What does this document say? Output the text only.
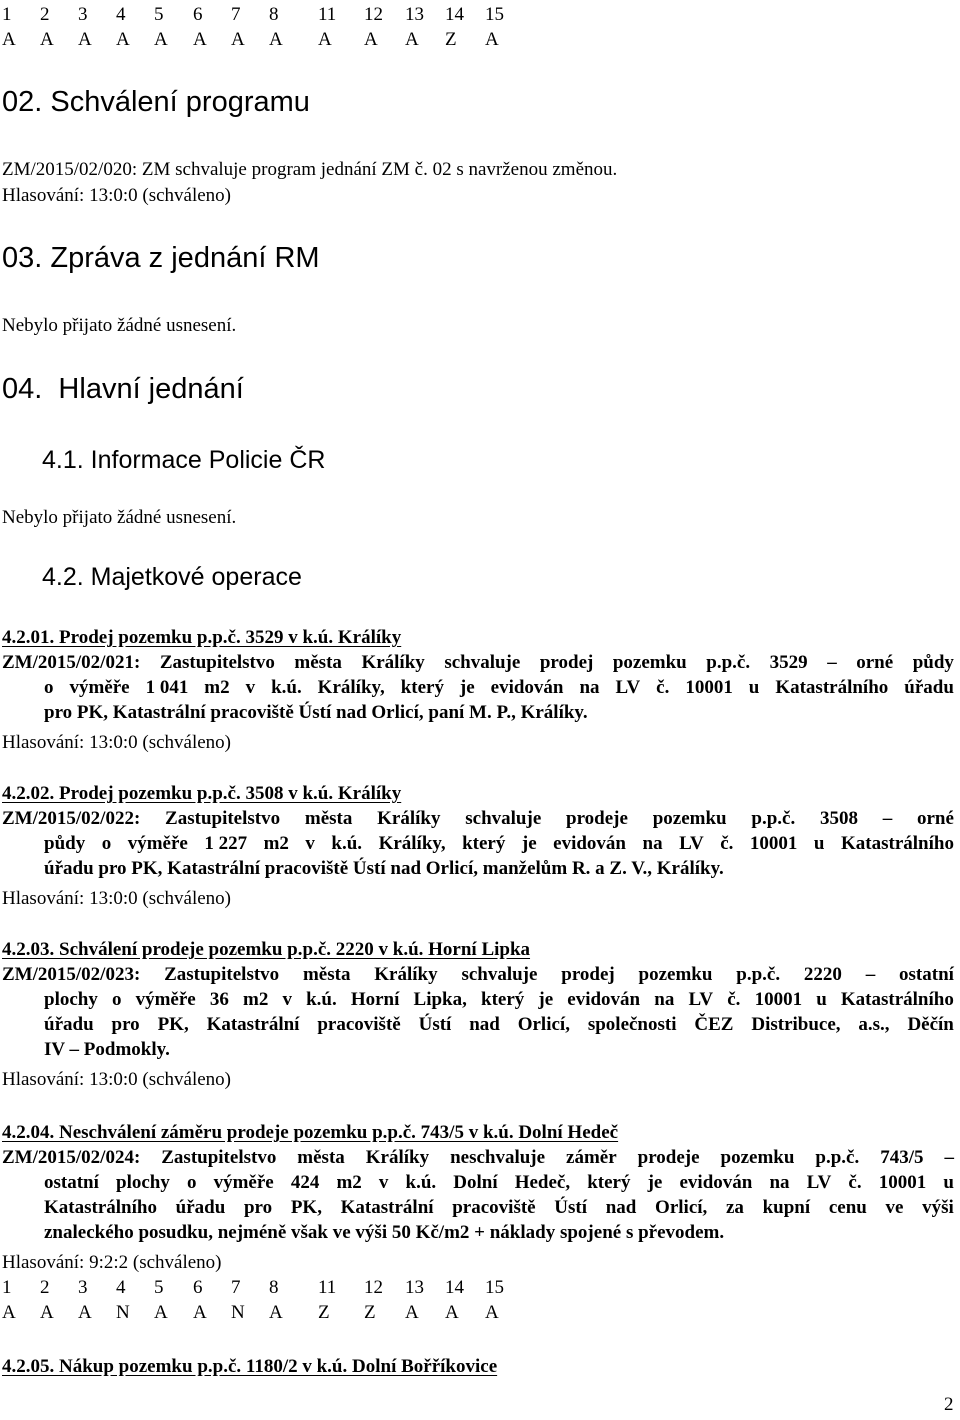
1 2 3 4 5 6 7 8 11 12 13 14 15
A A A A A A A A A A A Z A
02. Schválení programu
ZM/2015/02/020: ZM schvaluje program jednání ZM č. 02 s navrženou změnou.
Hlasování: 13:0:0 (schváleno)
03. Zpráva z jednání RM
Nebylo přijato žádné usnesení.
04.  Hlavní jednání
4.1. Informace Policie ČR
Nebylo přijato žádné usnesení.
4.2. Majetkové operace
4.2.01. Prodej pozemku p.p.č. 3529 v k.ú. Králíky
ZM/2015/02/021: Zastupitelstvo města Králíky schvaluje prodej pozemku p.p.č. 3529 – orné půdy
o výměře 1 041 m2 v k.ú. Králíky, který je evidován na LV č. 10001 u Katastrálního úřadu
pro PK, Katastrální pracoviště Ústí nad Orlicí, paní M. P., Králíky.
Hlasování: 13:0:0 (schváleno)
4.2.02. Prodej pozemku p.p.č. 3508 v k.ú. Králíky
ZM/2015/02/022: Zastupitelstvo města Králíky schvaluje prodeje pozemku p.p.č. 3508 – orné
půdy o výměře 1 227 m2 v k.ú. Králíky, který je evidován na LV č. 10001 u Katastrálního
úřadu pro PK, Katastrální pracoviště Ústí nad Orlicí, manželům R. a Z. V., Králíky.
Hlasování: 13:0:0 (schváleno)
4.2.03. Schválení prodeje pozemku p.p.č. 2220 v k.ú. Horní Lipka
ZM/2015/02/023: Zastupitelstvo města Králíky schvaluje prodej pozemku p.p.č. 2220 – ostatní
plochy o výměře 36 m2 v k.ú. Horní Lipka, který je evidován na LV č. 10001 u Katastrálního
úřadu pro PK, Katastrální pracoviště Ústí nad Orlicí, společnosti ČEZ Distribuce, a.s., Děčín
IV – Podmokly.
Hlasování: 13:0:0 (schváleno)
4.2.04. Neschválení záměru prodeje pozemku p.p.č. 743/5 v k.ú. Dolní Hedeč
ZM/2015/02/024: Zastupitelstvo města Králíky neschvaluje záměr prodeje pozemku p.p.č. 743/5 –
ostatní plochy o výměře 424 m2 v k.ú. Dolní Hedeč, který je evidován na LV č. 10001 u
Katastrálního úřadu pro PK, Katastrální pracoviště Ústí nad Orlicí, za kupní cenu ve výši
znaleckého posudku, nejméně však ve výši 50 Kč/m2 + náklady spojené s převodem.
Hlasování: 9:2:2 (schváleno)
1 2 3 4 5 6 7 8 11 12 13 14 15
A A A N A A N A Z Z A A A
4.2.05. Nákup pozemku p.p.č. 1180/2 v k.ú. Dolní Bořříkovice
2
